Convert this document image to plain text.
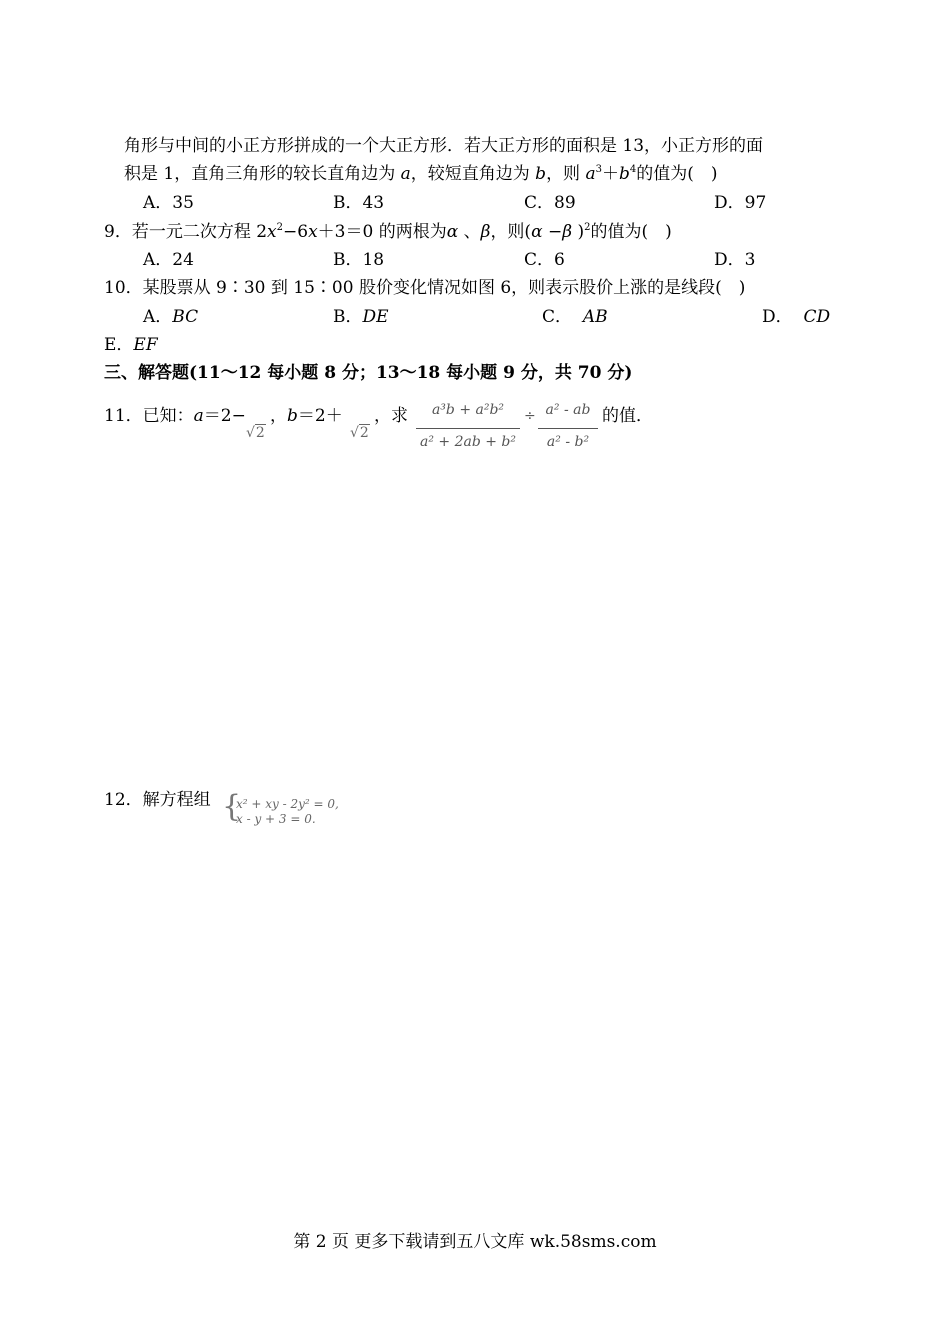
角形与中间的小正方形拼成的一个大正方形．若大正方形的面积是 13，小正方形的面
积是 1，直角三角形的较长直角边为 a，较短直角边为 b，则 $a^3+b^4$的值为(　)
A．35	B．43	C．89	D．97
9．若一元二次方程 $2x^2-6x+3=0$ 的两根为α 、β，则(α −β )$^2$的值为(　)
A．24	B．18	C．6	D．3
10．某股票从 9∶30 到 15∶00 股价变化情况如图 6，则表示股价上涨的是线段(　)
A．BC	B．DE	C． AB	D． CD
E．EF
三、解答题(11～12 每小题 8 分；13～18 每小题 9 分，共 70 分)
11．已知：a＝2−
√2
，b＝2＋
√2
，求	a³b + a²b²
a² + 2ab + b²
÷ a² - ab
a² - b²
的值．
12．解方程组 {
x² + xy - 2y² = 0,
x - y + 3 = 0.
第 2 页 更多下载请到五八文库 wk.58sms.com
